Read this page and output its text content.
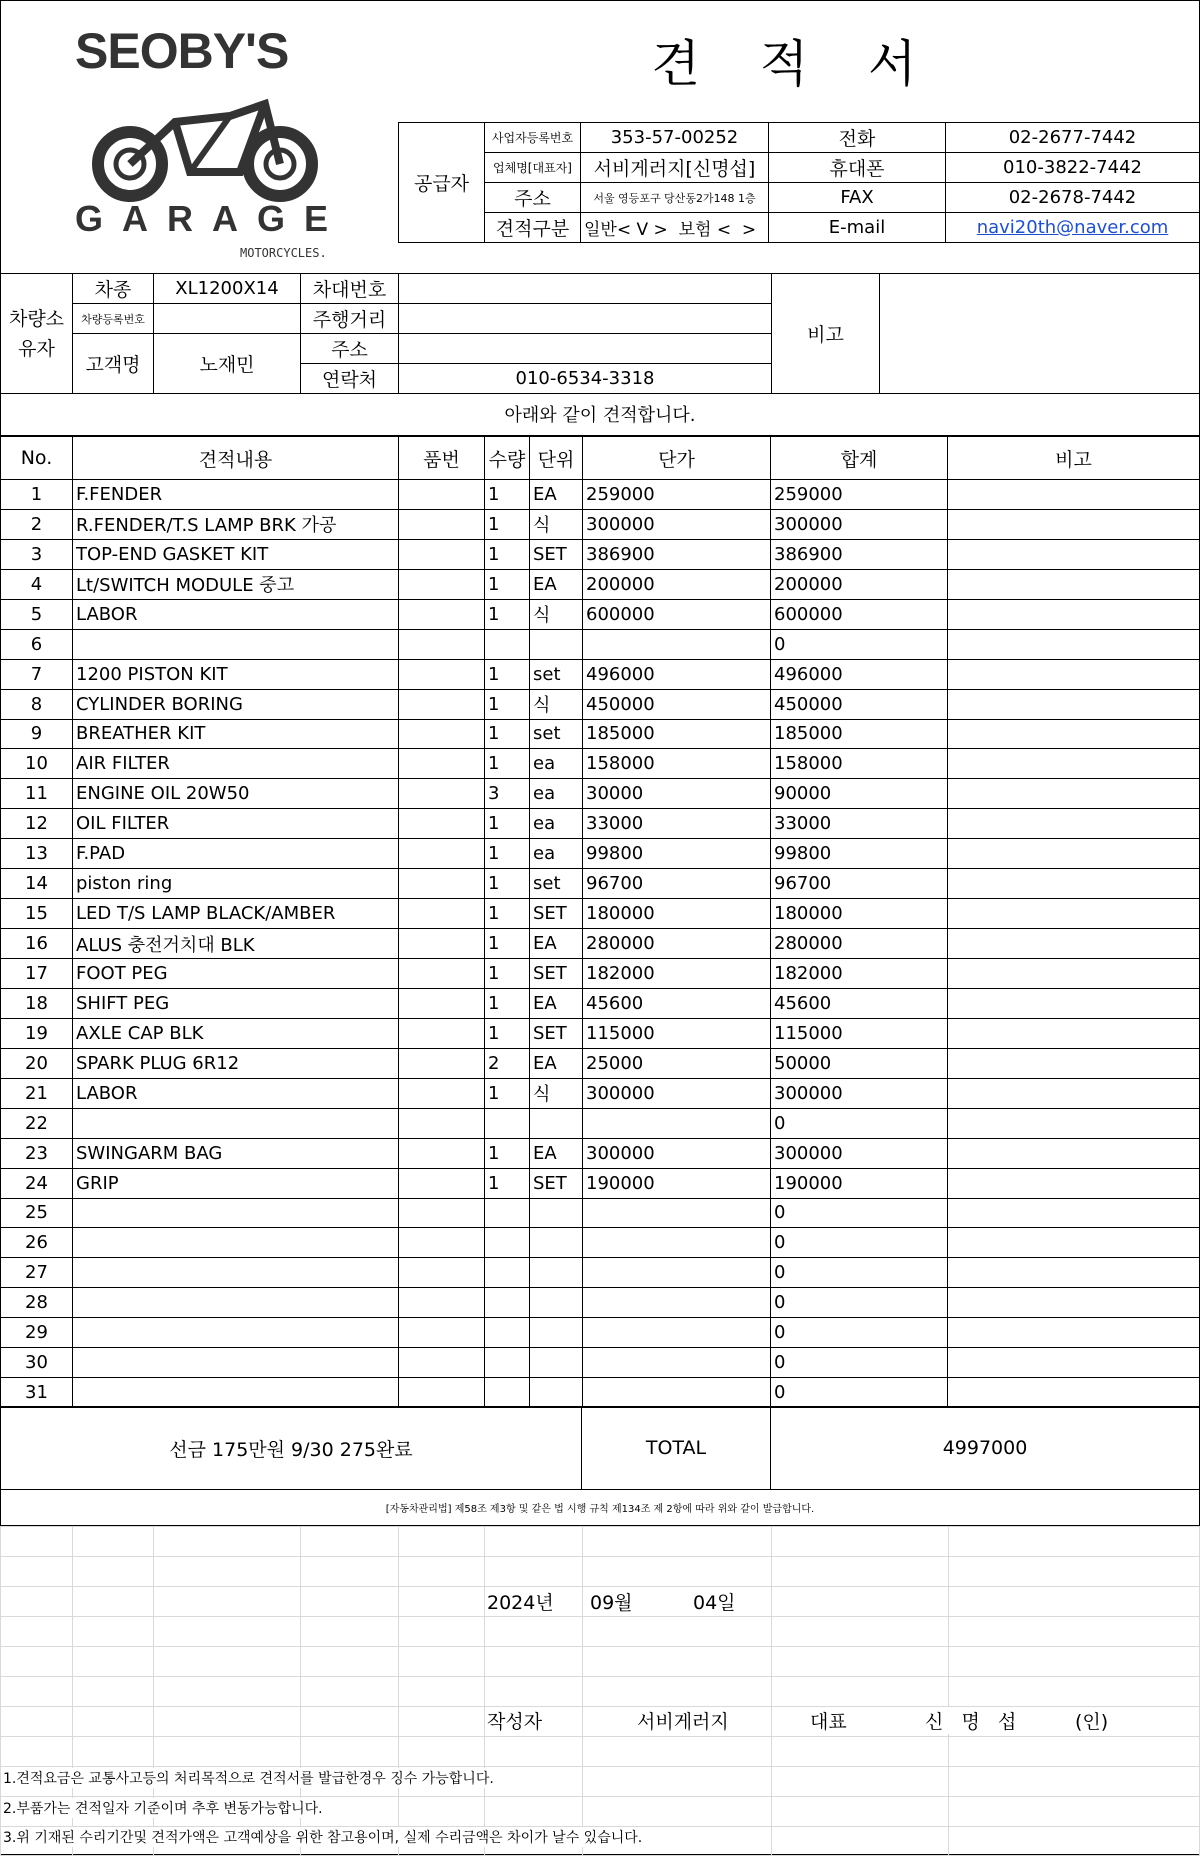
SEOBY'S
GARAGE
MOTORCYCLES.
견 적 서
공급자	사업자등록번호	353-57-00252	전화	02-2677-7442
	업체명[대표자]	서비게러지[신명섭]	휴대폰	010-3822-7442
	주소	서울 영등포구 당산동2가148 1층	FAX	02-2678-7442
	견적구분	일반< V >  보험 <  >	E-mail	navi20th@naver.com
차량소유자	차종	XL1200X14	차대번호		비고	
	차량등록번호		주행거리			
	고객명	노재민	주소			
			연락처	010-6534-3318		
아래와 같이 견적합니다.
No.	견적내용	품번	수량	단위	단가	합계	비고
1	F.FENDER		1	EA	259000	259000	
2	R.FENDER/T.S LAMP BRK 가공		1	식	300000	300000	
3	TOP-END GASKET KIT		1	SET	386900	386900	
4	Lt/SWITCH MODULE 중고		1	EA	200000	200000	
5	LABOR		1	식	600000	600000	
6						0	
7	1200 PISTON KIT		1	set	496000	496000	
8	CYLINDER BORING		1	식	450000	450000	
9	BREATHER KIT		1	set	185000	185000	
10	AIR FILTER		1	ea	158000	158000	
11	ENGINE OIL 20W50		3	ea	30000	90000	
12	OIL FILTER		1	ea	33000	33000	
13	F.PAD		1	ea	99800	99800	
14	piston ring		1	set	96700	96700	
15	LED T/S LAMP BLACK/AMBER		1	SET	180000	180000	
16	ALUS 충전거치대 BLK		1	EA	280000	280000	
17	FOOT PEG		1	SET	182000	182000	
18	SHIFT PEG		1	EA	45600	45600	
19	AXLE CAP BLK		1	SET	115000	115000	
20	SPARK PLUG 6R12		2	EA	25000	50000	
21	LABOR		1	식	300000	300000	
22						0	
23	SWINGARM BAG		1	EA	300000	300000	
24	GRIP		1	SET	190000	190000	
25						0	
26						0	
27						0	
28						0	
29						0	
30						0	
31						0	
선금 175만원 9/30 275완료	TOTAL	4997000
[자동차관리법] 제58조 제3항 및 같은 법 시행 규칙 제134조 제 2항에 따라 위와 같이 발급합니다.

2024년 09월	04일
작성자	서비게러지	대표	신   명   섭	(인)
1.견적요금은 교통사고등의 처리목적으로 견적서를 발급한경우 징수 가능합니다.
2.부품가는 견적일자 기준이며 추후 변동가능합니다.
3.위 기재된 수리기간및 견적가액은 고객예상을 위한 참고용이며, 실제 수리금액은 차이가 날수 있습니다.
